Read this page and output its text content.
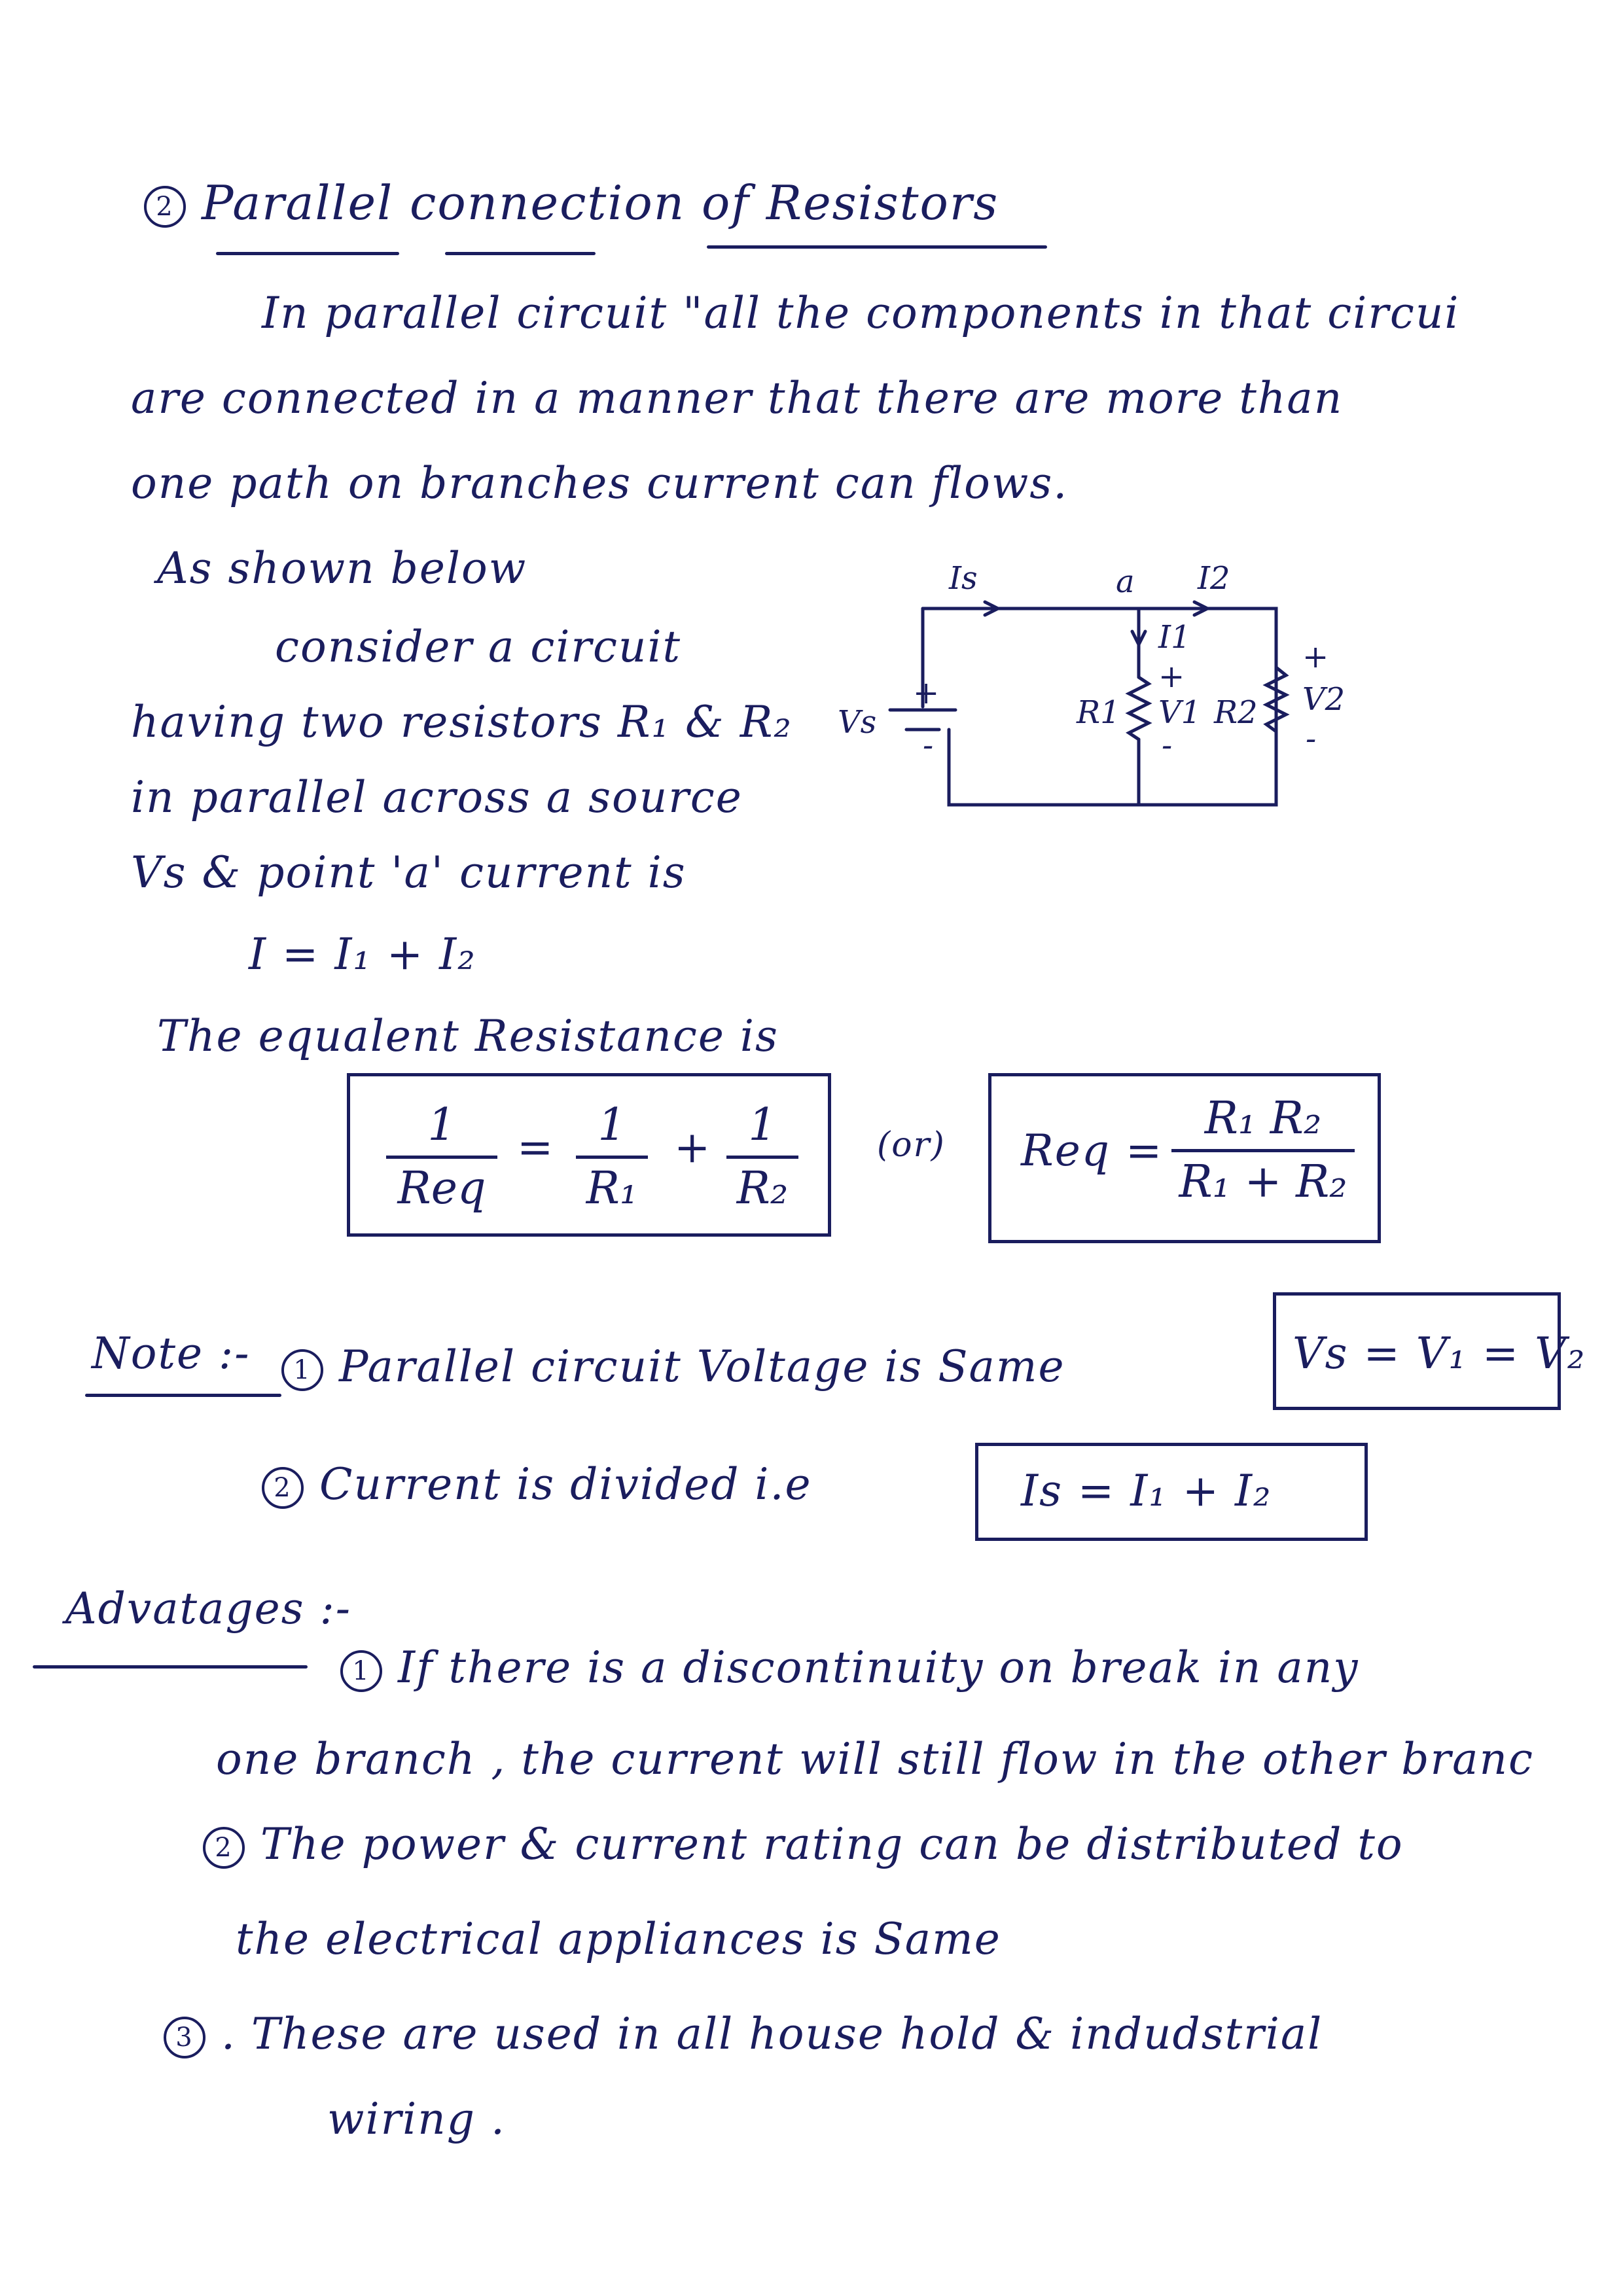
2 Parallel connection of Resistors
In parallel circuit "all the components in that circui
are connected in a manner that there are more than
one path on branches current can flows.
As shown below
consider a circuit
having two resistors R₁ & R₂
in parallel across a source
Vs & point 'a' current is
I = I₁ + I₂
The equalent Resistance is
Is	a I2
I1
Vs
+
-
R1
+
V1
-
R2
+
V2
-
1
Req
= 1
R₁
+ 1
R₂
(or) Req =
R₁ R₂
R₁ + R₂
Note :-	1 Parallel circuit Voltage is Same	Vs = V₁ = V₂
2 Current is divided i.e	Is = I₁ + I₂
Advatages :-
1 If there is a discontinuity on break in any
one branch , the current will still flow in the other branc
2 The power & current rating can be distributed to
the electrical appliances is Same
3 . These are used in all house hold & indudstrial
wiring .
